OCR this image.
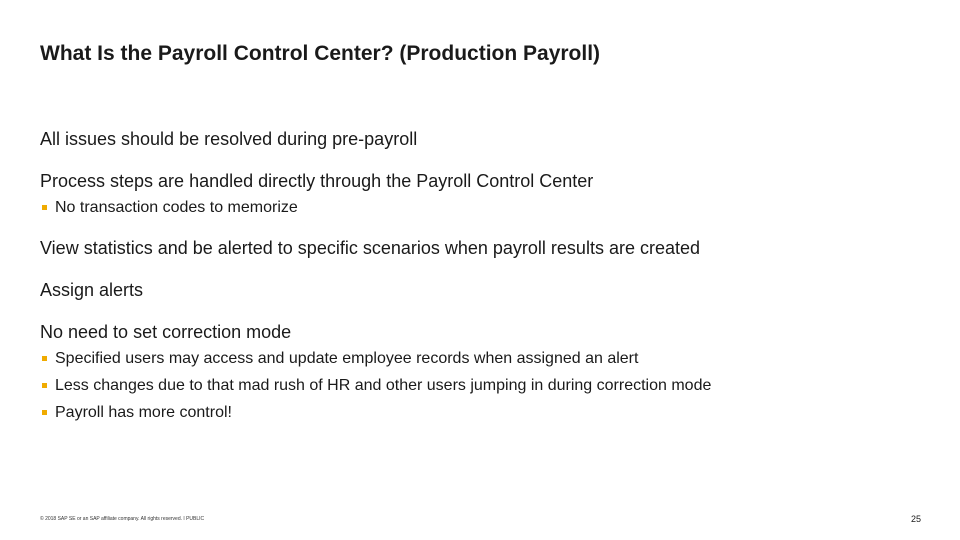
What Is the Payroll Control Center? (Production Payroll)

All issues should be resolved during pre-payroll

Process steps are handled directly through the Payroll Control Center

No transaction codes to memorize

View statistics and be alerted to specific scenarios when payroll results are created

Assign alerts

No need to set correction mode

Specified users may access and update employee records when assigned an alert
Less changes due to that mad rush of HR and other users jumping in during correction mode
Payroll has more control!
© 2018 SAP SE or an SAP affiliate company. All rights reserved. ǀ PUBLIC	25
